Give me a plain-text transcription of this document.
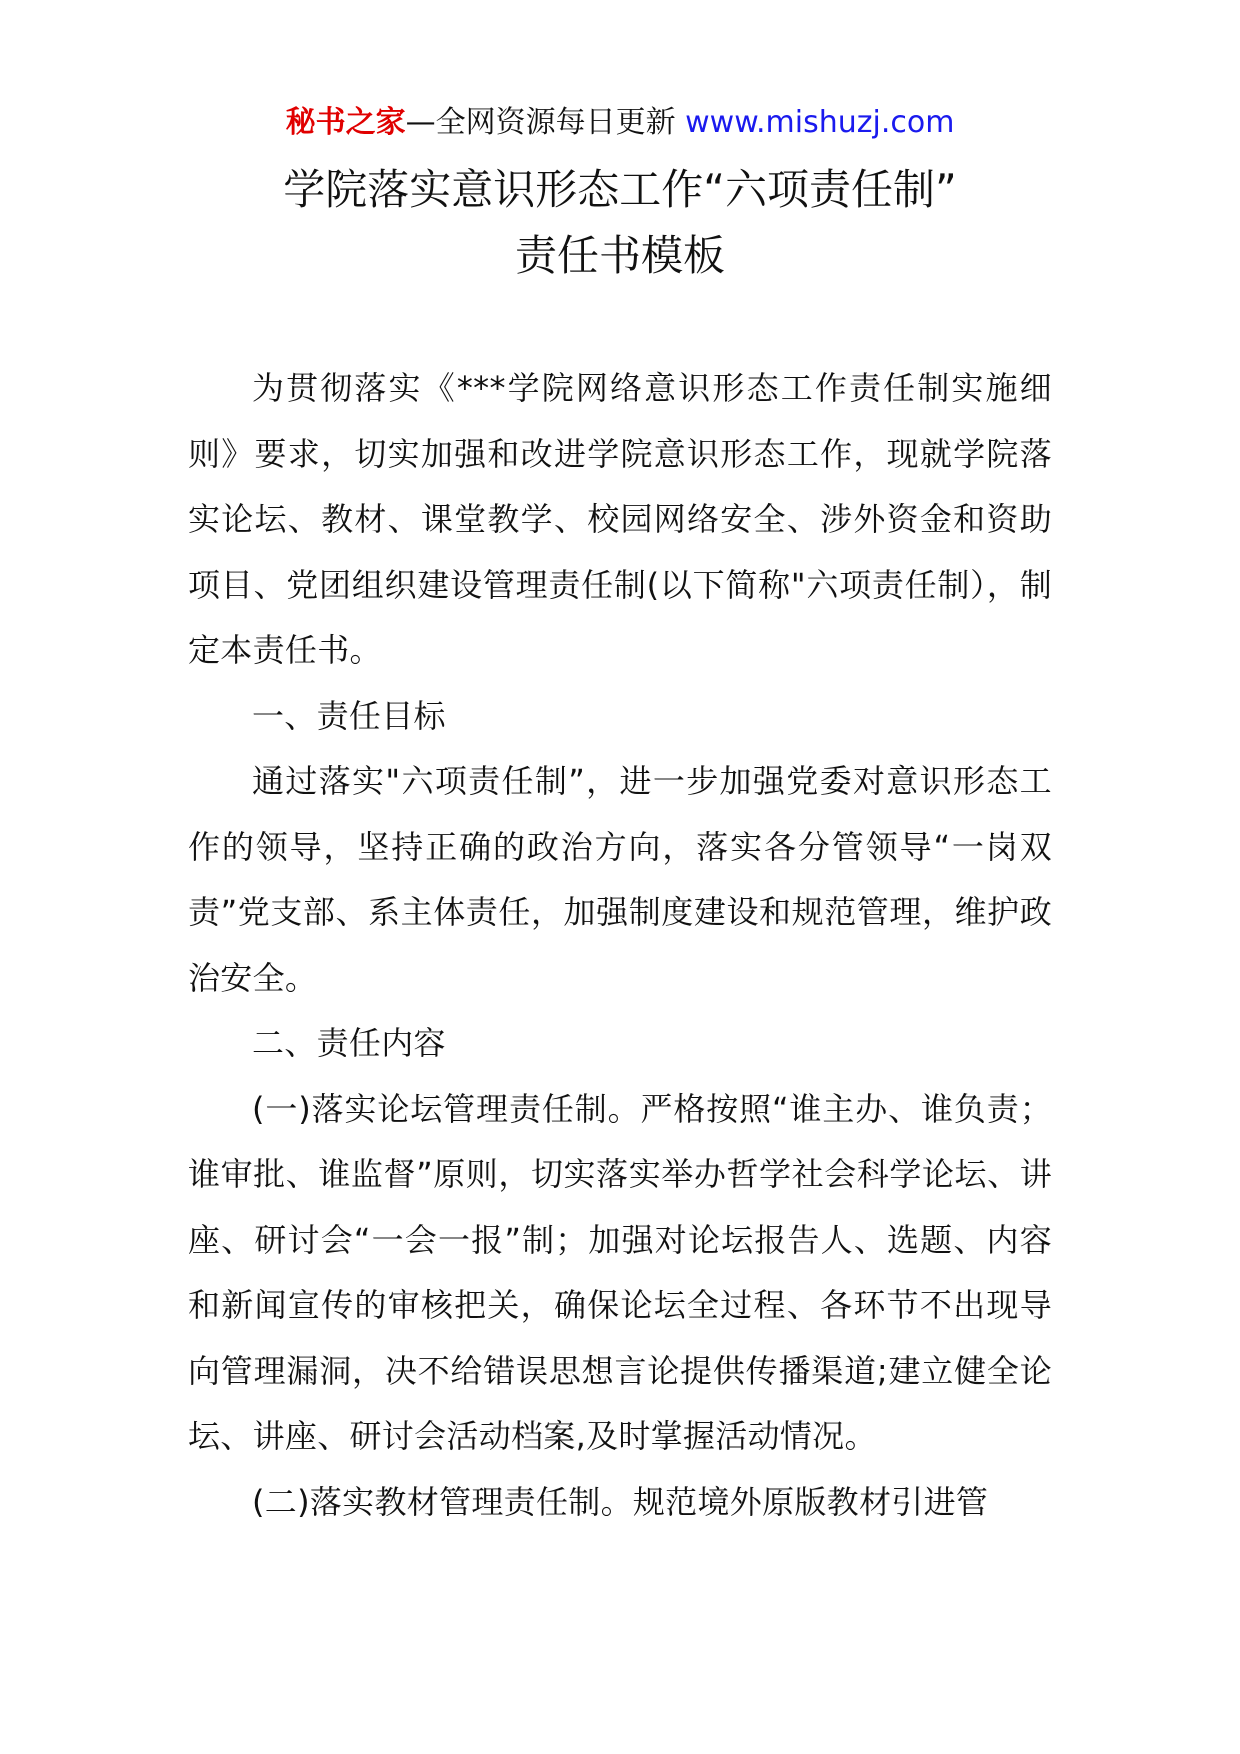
秘书之家—全网资源每日更新 www.mishuzj.com
学院落实意识形态工作“六项责任制”
责任书模板

为贯彻落实《***学院网络意识形态工作责任制实施细则》要求，切实加强和改进学院意识形态工作，现就学院落实论坛、教材、课堂教学、校园网络安全、涉外资金和资助项目、党团组织建设管理责任制(以下简称"六项责任制），制定本责任书。

一、责任目标

通过落实"六项责任制”，进一步加强党委对意识形态工作的领导，坚持正确的政治方向，落实各分管领导“一岗双责”党支部、系主体责任，加强制度建设和规范管理，维护政治安全。

二、责任内容

(一)落实论坛管理责任制。严格按照“谁主办、谁负责；谁审批、谁监督”原则，切实落实举办哲学社会科学论坛、讲座、研讨会“一会一报”制；加强对论坛报告人、选题、内容和新闻宣传的审核把关，确保论坛全过程、各环节不出现导向管理漏洞，决不给错误思想言论提供传播渠道;建立健全论坛、讲座、研讨会活动档案,及时掌握活动情况。

(二)落实教材管理责任制。规范境外原版教材引进管
